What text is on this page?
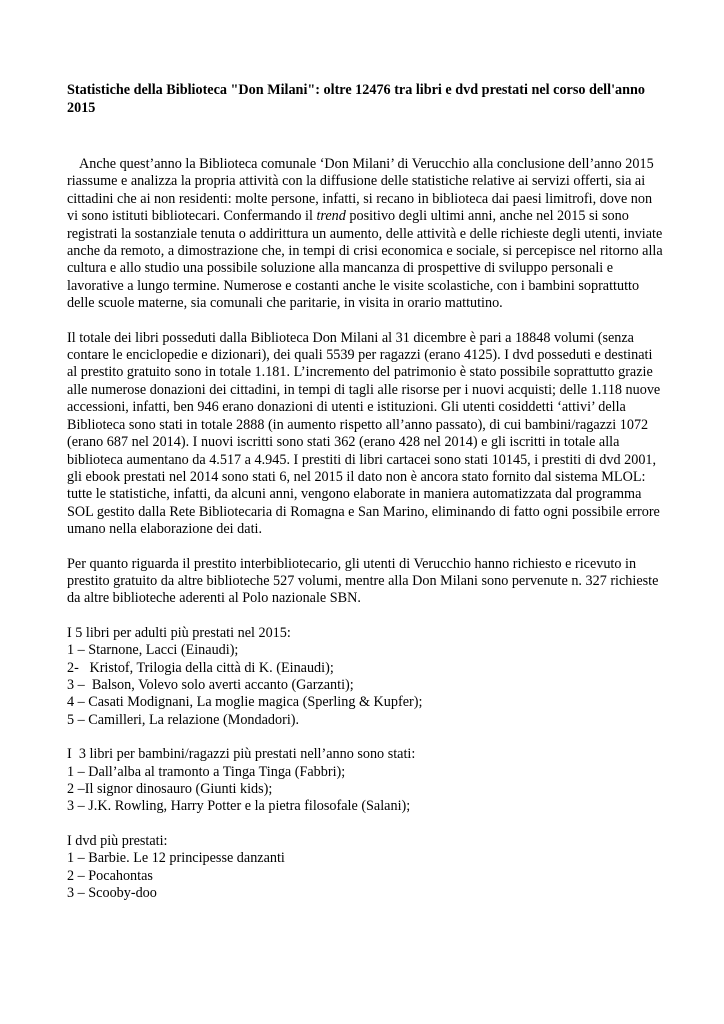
Statistiche della Biblioteca "Don Milani": oltre 12476 tra libri e dvd prestati nel corso dell'anno 2015

Anche quest’anno la Biblioteca comunale ‘Don Milani’ di Verucchio alla conclusione dell’anno 2015 riassume e analizza la propria attività con la diffusione delle statistiche relative ai servizi offerti, sia ai cittadini che ai non residenti: molte persone, infatti, si recano in biblioteca dai paesi limitrofi, dove non vi sono istituti bibliotecari. Confermando il trend positivo degli ultimi anni, anche nel 2015 si sono registrati la sostanziale tenuta o addirittura un aumento, delle attività e delle richieste degli utenti, inviate anche da remoto, a dimostrazione che, in tempi di crisi economica e sociale, si percepisce nel ritorno alla cultura e allo studio una possibile soluzione alla mancanza di prospettive di sviluppo personali e lavorative a lungo termine. Numerose e costanti anche le visite scolastiche, con i bambini soprattutto delle scuole materne, sia comunali che paritarie, in visita in orario mattutino.

Il totale dei libri posseduti dalla Biblioteca Don Milani al 31 dicembre è pari a 18848 volumi (senza contare le enciclopedie e dizionari), dei quali 5539 per ragazzi (erano 4125). I dvd posseduti e destinati al prestito gratuito sono in totale 1.181. L’incremento del patrimonio è stato possibile soprattutto grazie alle numerose donazioni dei cittadini, in tempi di tagli alle risorse per i nuovi acquisti; delle 1.118 nuove accessioni, infatti, ben 946 erano donazioni di utenti e istituzioni. Gli utenti cosiddetti ‘attivi’ della Biblioteca sono stati in totale 2888 (in aumento rispetto all’anno passato), di cui bambini/ragazzi 1072 (erano 687 nel 2014). I nuovi iscritti sono stati 362 (erano 428 nel 2014) e gli iscritti in totale alla biblioteca aumentano da 4.517 a 4.945. I prestiti di libri cartacei sono stati 10145, i prestiti di dvd 2001, gli ebook prestati nel 2014 sono stati 6, nel 2015 il dato non è ancora stato fornito dal sistema MLOL: tutte le statistiche, infatti, da alcuni anni, vengono elaborate in maniera automatizzata dal programma SOL gestito dalla Rete Bibliotecaria di Romagna e San Marino, eliminando di fatto ogni possibile errore umano nella elaborazione dei dati.

Per quanto riguarda il prestito interbibliotecario, gli utenti di Verucchio hanno richiesto e ricevuto in prestito gratuito da altre biblioteche 527 volumi, mentre alla Don Milani sono pervenute n. 327 richieste da altre biblioteche aderenti al Polo nazionale SBN.

I 5 libri per adulti più prestati nel 2015:
1 – Starnone, Lacci (Einaudi);
2-   Kristof, Trilogia della città di K. (Einaudi);
3 –  Balson, Volevo solo averti accanto (Garzanti);
4 – Casati Modignani, La moglie magica (Sperling & Kupfer);
5 – Camilleri, La relazione (Mondadori).
I  3 libri per bambini/ragazzi più prestati nell’anno sono stati:
1 – Dall’alba al tramonto a Tinga Tinga (Fabbri);
2 –Il signor dinosauro (Giunti kids);
3 – J.K. Rowling, Harry Potter e la pietra filosofale (Salani);
I dvd più prestati:
1 – Barbie. Le 12 principesse danzanti
2 – Pocahontas
3 – Scooby-doo
